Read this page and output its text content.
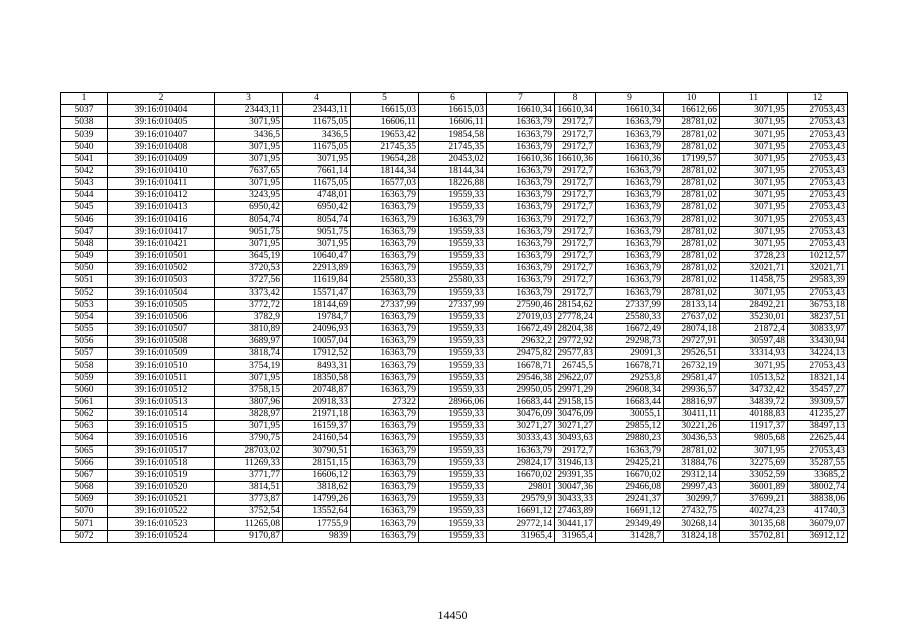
1	2	3	4	5	6	7	8	9	10	11	12
5037	39:16:010404	23443,11	23443,11	16615,03	16615,03	16610,34	16610,34	16610,34	16612,66	3071,95	27053,43
5038	39:16:010405	3071,95	11675,05	16606,11	16606,11	16363,79	29172,7	16363,79	28781,02	3071,95	27053,43
5039	39:16:010407	3436,5	3436,5	19653,42	19854,58	16363,79	29172,7	16363,79	28781,02	3071,95	27053,43
5040	39:16:010408	3071,95	11675,05	21745,35	21745,35	16363,79	29172,7	16363,79	28781,02	3071,95	27053,43
5041	39:16:010409	3071,95	3071,95	19654,28	20453,02	16610,36	16610,36	16610,36	17199,57	3071,95	27053,43
5042	39:16:010410	7637,65	7661,14	18144,34	18144,34	16363,79	29172,7	16363,79	28781,02	3071,95	27053,43
5043	39:16:010411	3071,95	11675,05	16577,03	18226,88	16363,79	29172,7	16363,79	28781,02	3071,95	27053,43
5044	39:16:010412	3243,95	4748,01	16363,79	19559,33	16363,79	29172,7	16363,79	28781,02	3071,95	27053,43
5045	39:16:010413	6950,42	6950,42	16363,79	19559,33	16363,79	29172,7	16363,79	28781,02	3071,95	27053,43
5046	39:16:010416	8054,74	8054,74	16363,79	16363,79	16363,79	29172,7	16363,79	28781,02	3071,95	27053,43
5047	39:16:010417	9051,75	9051,75	16363,79	19559,33	16363,79	29172,7	16363,79	28781,02	3071,95	27053,43
5048	39:16:010421	3071,95	3071,95	16363,79	19559,33	16363,79	29172,7	16363,79	28781,02	3071,95	27053,43
5049	39:16:010501	3645,19	10640,47	16363,79	19559,33	16363,79	29172,7	16363,79	28781,02	3728,23	10212,57
5050	39:16:010502	3720,53	22913,89	16363,79	19559,33	16363,79	29172,7	16363,79	28781,02	32021,71	32021,71
5051	39:16:010503	3727,56	11619,84	25580,33	25580,33	16363,79	29172,7	16363,79	28781,02	11458,75	29583,39
5052	39:16:010504	3373,42	15571,47	16363,79	19559,33	16363,79	29172,7	16363,79	28781,02	3071,95	27053,43
5053	39:16:010505	3772,72	18144,69	27337,99	27337,99	27590,46	28154,62	27337,99	28133,14	28492,21	36753,18
5054	39:16:010506	3782,9	19784,7	16363,79	19559,33	27019,03	27778,24	25580,33	27637,02	35230,01	38237,51
5055	39:16:010507	3810,89	24096,93	16363,79	19559,33	16672,49	28204,38	16672,49	28074,18	21872,4	30833,97
5056	39:16:010508	3689,97	10057,04	16363,79	19559,33	29632,2	29772,92	29298,73	29727,91	30597,48	33430,94
5057	39:16:010509	3818,74	17912,52	16363,79	19559,33	29475,82	29577,83	29091,3	29526,51	33314,93	34224,13
5058	39:16:010510	3754,19	8493,31	16363,79	19559,33	16678,71	26745,5	16678,71	26732,19	3071,95	27053,43
5059	39:16:010511	3071,95	18350,58	16363,79	19559,33	29546,38	29622,07	29253,8	29581,47	10513,52	18321,14
5060	39:16:010512	3758,15	20748,87	16363,79	19559,33	29950,05	29971,29	29608,34	29936,57	34732,42	35457,27
5061	39:16:010513	3807,96	20918,33	27322	28966,06	16683,44	29158,15	16683,44	28816,97	34839,72	39309,57
5062	39:16:010514	3828,97	21971,18	16363,79	19559,33	30476,09	30476,09	30055,1	30411,11	40188,83	41235,27
5063	39:16:010515	3071,95	16159,37	16363,79	19559,33	30271,27	30271,27	29855,12	30221,26	11917,37	38497,13
5064	39:16:010516	3790,75	24160,54	16363,79	19559,33	30333,43	30493,63	29880,23	30436,53	9805,68	22625,44
5065	39:16:010517	28703,02	30790,51	16363,79	19559,33	16363,79	29172,7	16363,79	28781,02	3071,95	27053,43
5066	39:16:010518	11269,33	28151,15	16363,79	19559,33	29824,17	31946,13	29425,21	31884,76	32275,69	35287,55
5067	39:16:010519	3771,77	16606,12	16363,79	19559,33	16670,02	29391,35	16670,02	29312,14	33052,59	33685,2
5068	39:16:010520	3814,51	3818,62	16363,79	19559,33	29801	30047,36	29466,08	29997,43	36001,89	38002,74
5069	39:16:010521	3773,87	14799,26	16363,79	19559,33	29579,9	30433,33	29241,37	30299,7	37699,21	38838,06
5070	39:16:010522	3752,54	13552,64	16363,79	19559,33	16691,12	27463,89	16691,12	27432,75	40274,23	41740,3
5071	39:16:010523	11265,08	17755,9	16363,79	19559,33	29772,14	30441,17	29349,49	30268,14	30135,68	36079,07
5072	39:16:010524	9170,87	9839	16363,79	19559,33	31965,4	31965,4	31428,7	31824,18	35702,81	36912,12
14450
